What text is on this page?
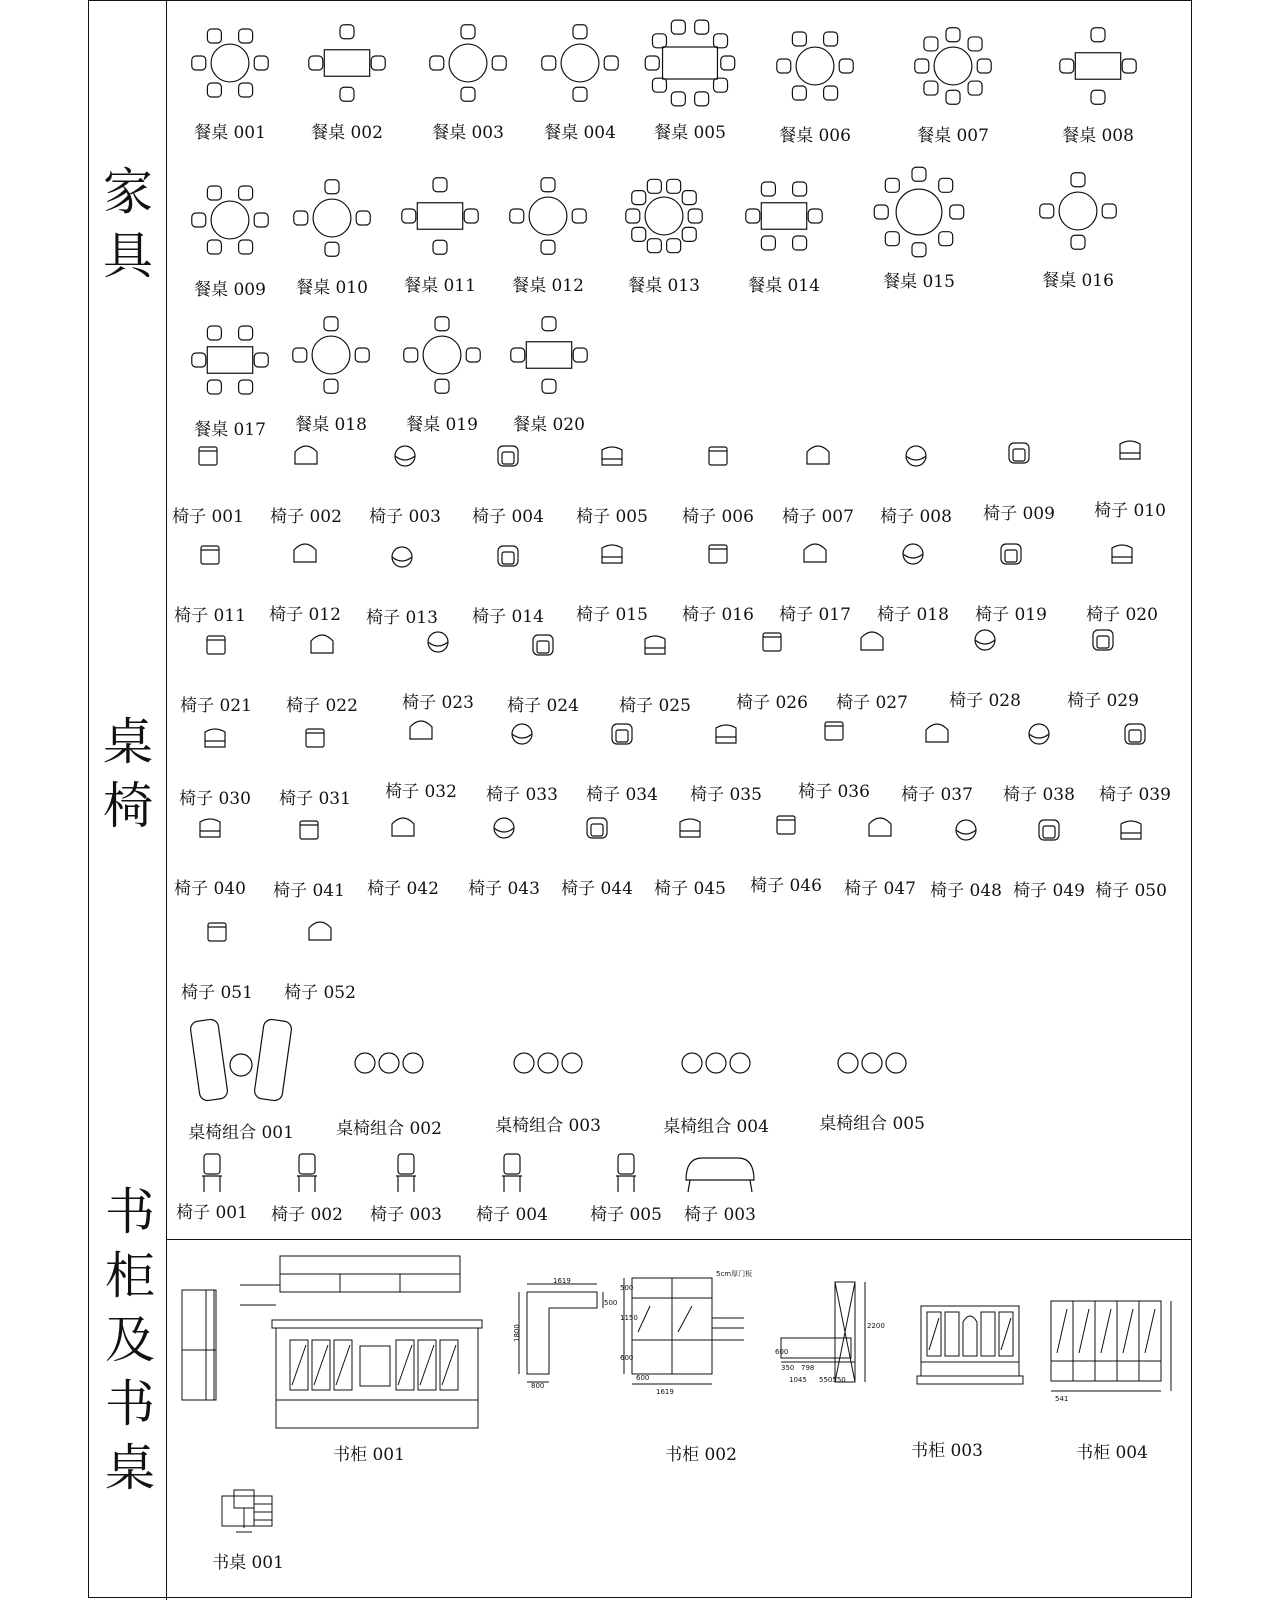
家具
桌椅
书柜及书桌
餐桌 001	餐桌 002	餐桌 003 餐桌 004 餐桌 005	餐桌 006	餐桌 007	餐桌 008
餐桌 009 餐桌 010 餐桌 011 餐桌 012	餐桌 013	餐桌 014	餐桌 015	餐桌 016
餐桌 017 餐桌 018 餐桌 019 餐桌 020
椅子 001 椅子 002 椅子 003 椅子 004 椅子 005 椅子 006 椅子 007 椅子 008 椅子 009 椅子 010
椅子 011 椅子 012 椅子 013 椅子 014 椅子 015 椅子 016 椅子 017 椅子 018 椅子 019 椅子 020
椅子 021 椅子 022	椅子 023 椅子 024 椅子 025	椅子 026 椅子 027 椅子 028	椅子 029
椅子 030 椅子 031 椅子 032 椅子 033 椅子 034 椅子 035 椅子 036 椅子 037 椅子 038 椅子 039
椅子 040 椅子 041 椅子 042 椅子 043 椅子 044 椅子 045 椅子 046 椅子 047 椅子 048 椅子 049 椅子 050
椅子 051 椅子 052
桌椅组合 001 桌椅组合 002	桌椅组合 003	桌椅组合 004	桌椅组合 005
椅子 001 椅子 002 椅子 003 椅子 004 椅子 005 椅子 003
书柜 001	书柜 002	书柜 003	书柜 004
书桌 001
1619
1800
800
500
5cm厚门板
500
1150
600
600
1619
2200
600
350 798
1045 550550
541
